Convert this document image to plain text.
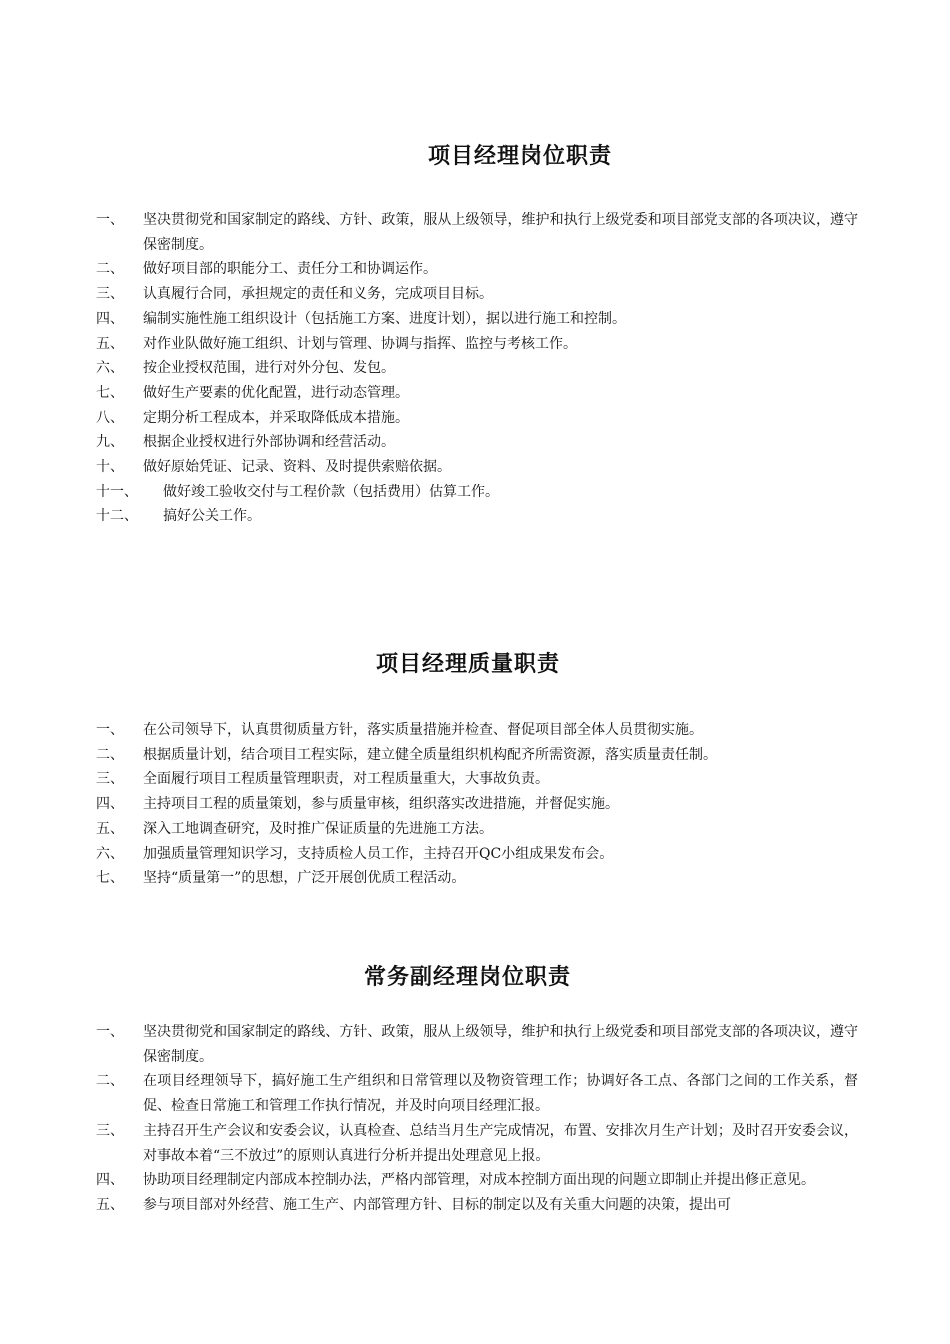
项目经理岗位职责
一、	坚决贯彻党和国家制定的路线、方针、政策，服从上级领导，维护和执行上级党委和项目部党支部的各项决议，遵守保密制度。
二、	做好项目部的职能分工、责任分工和协调运作。
三、	认真履行合同，承担规定的责任和义务，完成项目目标。
四、	编制实施性施工组织设计（包括施工方案、进度计划），据以进行施工和控制。
五、	对作业队做好施工组织、计划与管理、协调与指挥、监控与考核工作。
六、	按企业授权范围，进行对外分包、发包。
七、	做好生产要素的优化配置，进行动态管理。
八、	定期分析工程成本，并采取降低成本措施。
九、	根据企业授权进行外部协调和经营活动。
十、	做好原始凭证、记录、资料、及时提供索赔依据。
十一、	做好竣工验收交付与工程价款（包括费用）估算工作。
十二、	搞好公关工作。
项目经理质量职责
一、	在公司领导下，认真贯彻质量方针，落实质量措施并检查、督促项目部全体人员贯彻实施。
二、	根据质量计划，结合项目工程实际，建立健全质量组织机构配齐所需资源，落实质量责任制。
三、	全面履行项目工程质量管理职责，对工程质量重大，大事故负责。
四、	主持项目工程的质量策划，参与质量审核，组织落实改进措施，并督促实施。
五、	深入工地调查研究，及时推广保证质量的先进施工方法。
六、	加强质量管理知识学习，支持质检人员工作，主持召开QC小组成果发布会。
七、	坚持“质量第一”的思想，广泛开展创优质工程活动。
常务副经理岗位职责
一、	坚决贯彻党和国家制定的路线、方针、政策，服从上级领导，维护和执行上级党委和项目部党支部的各项决议，遵守保密制度。
二、	在项目经理领导下，搞好施工生产组织和日常管理以及物资管理工作；协调好各工点、各部门之间的工作关系，督促、检查日常施工和管理工作执行情况，并及时向项目经理汇报。
三、	主持召开生产会议和安委会议，认真检查、总结当月生产完成情况，布置、安排次月生产计划；及时召开安委会议，对事故本着“三不放过”的原则认真进行分析并提出处理意见上报。
四、	协助项目经理制定内部成本控制办法，严格内部管理，对成本控制方面出现的问题立即制止并提出修正意见。
五、	参与项目部对外经营、施工生产、内部管理方针、目标的制定以及有关重大问题的决策，提出可
